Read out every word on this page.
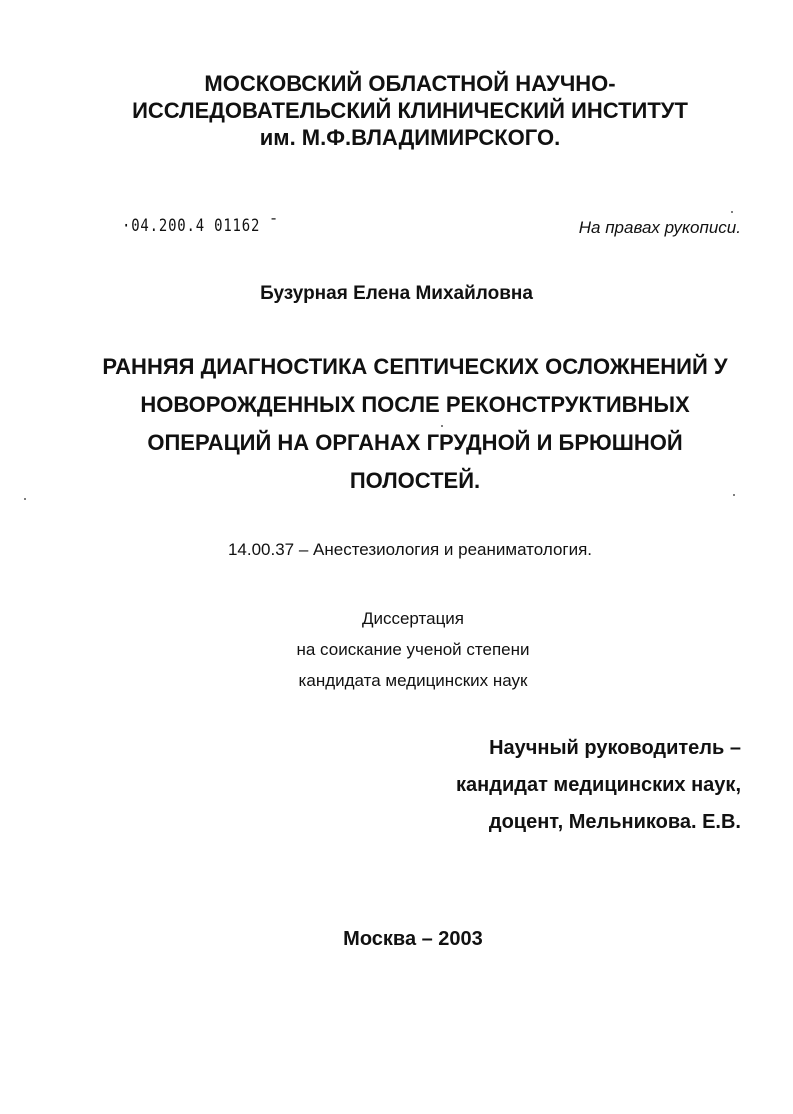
МОСКОВСКИЙ ОБЛАСТНОЙ НАУЧНО-
ИССЛЕДОВАТЕЛЬСКИЙ КЛИНИЧЕСКИЙ ИНСТИТУТ
им. М.Ф.ВЛАДИМИРСКОГО.
·04.200.4 01162 ˉ	На правах рукописи.
Бузурная Елена Михайловна
РАННЯЯ ДИАГНОСТИКА СЕПТИЧЕСКИХ ОСЛОЖНЕНИЙ У
НОВОРОЖДЕННЫХ ПОСЛЕ РЕКОНСТРУКТИВНЫХ
ОПЕРАЦИЙ НА ОРГАНАХ ГРУДНОЙ И БРЮШНОЙ
ПОЛОСТЕЙ.
14.00.37 – Анестезиология и реаниматология.
Диссертация
на соискание ученой степени
кандидата медицинских наук
Научный руководитель –
кандидат медицинских наук,
доцент, Мельникова. Е.В.
Москва – 2003
